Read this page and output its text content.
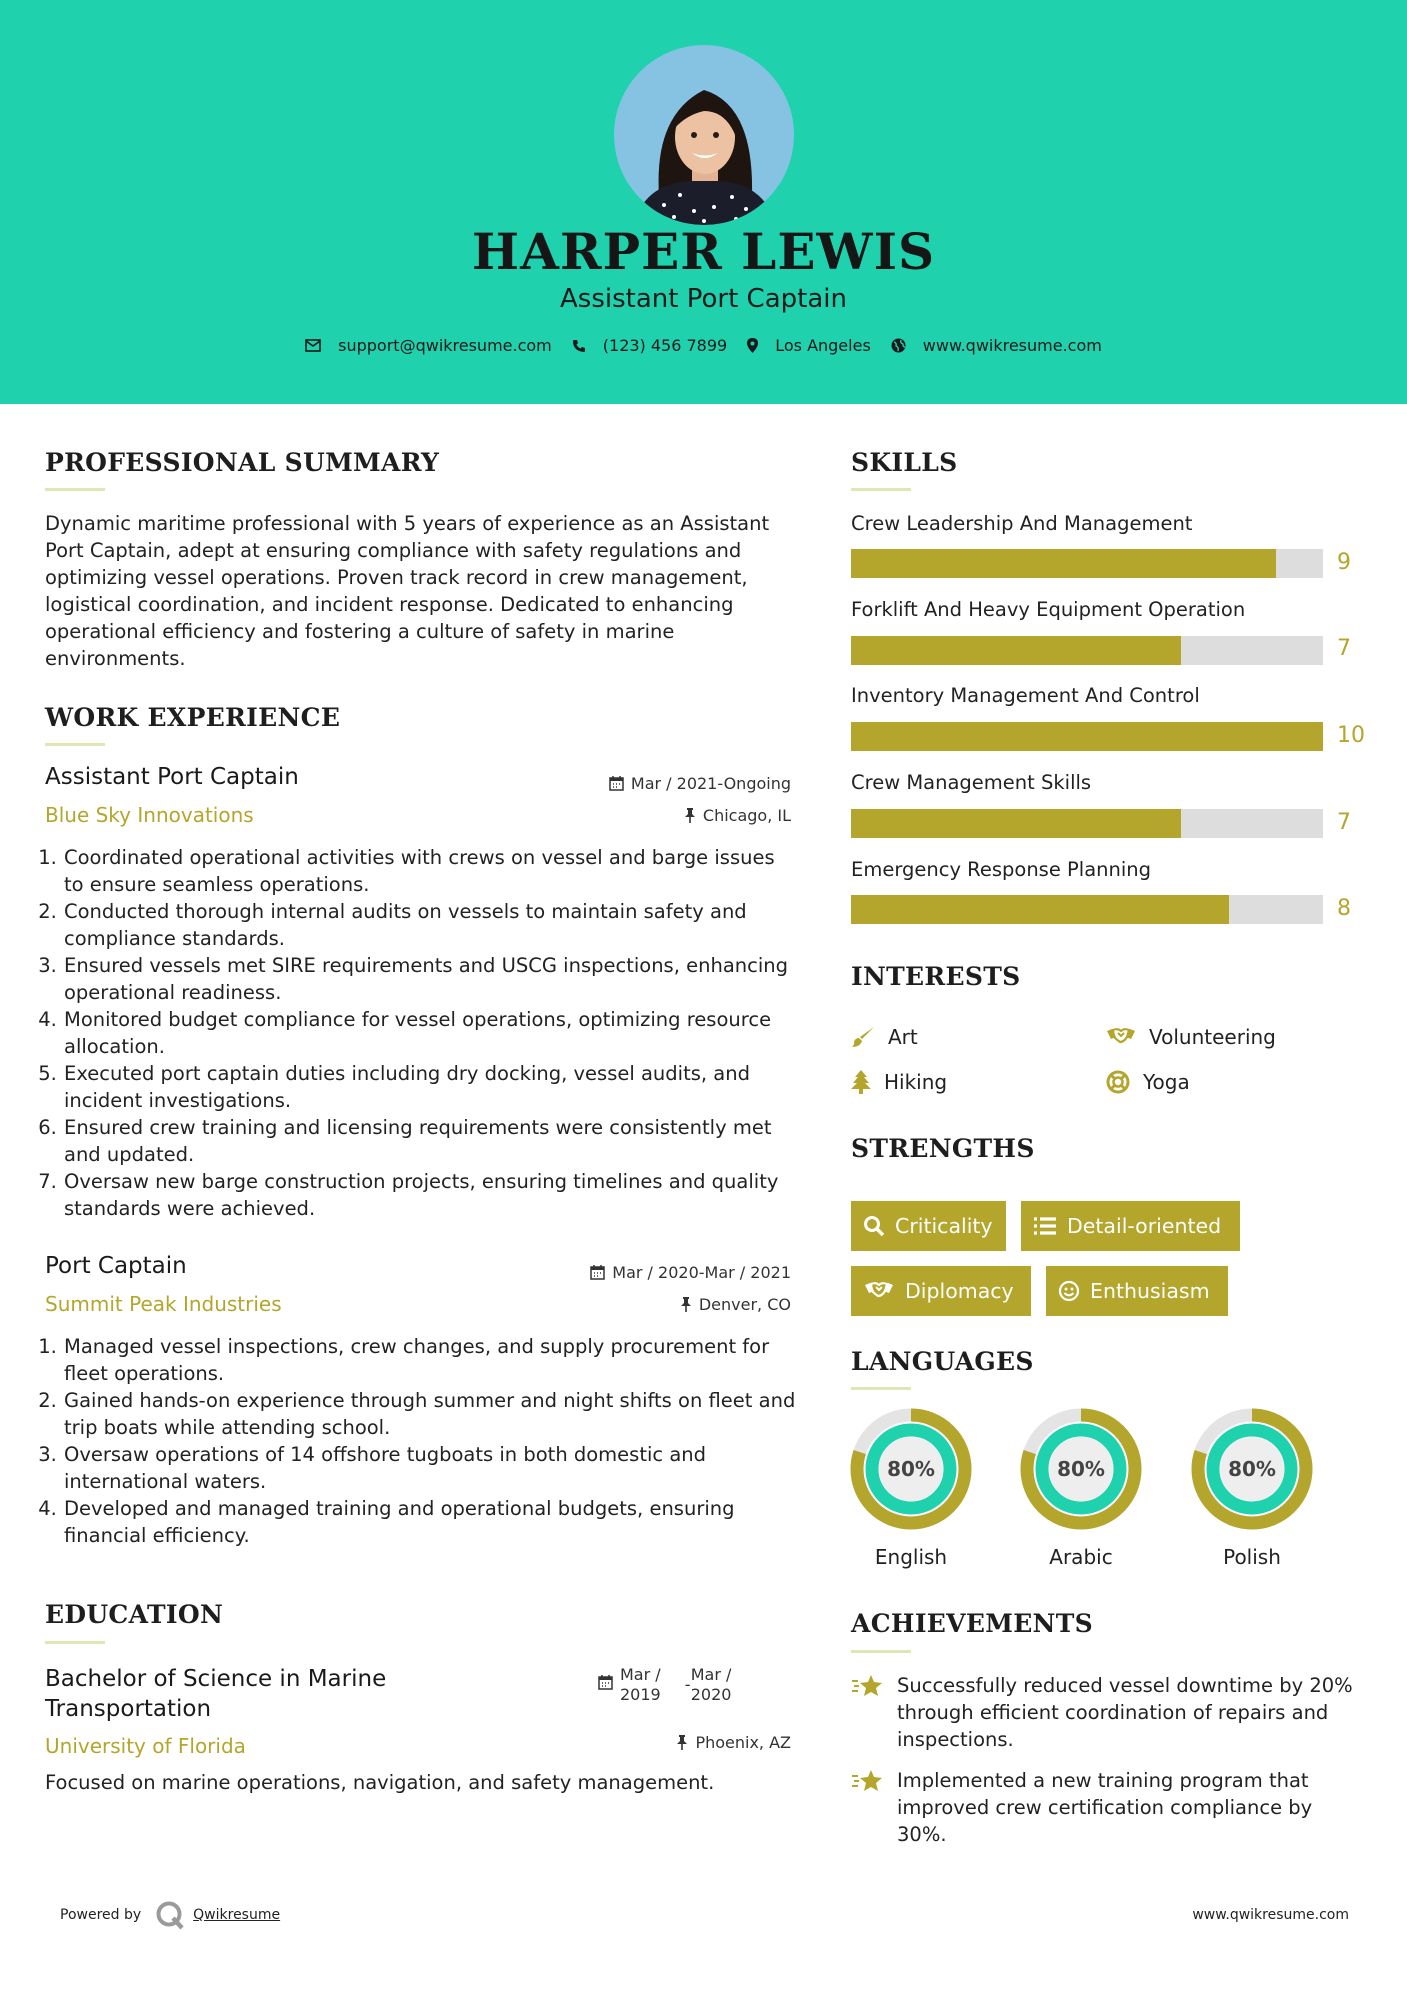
HARPER LEWIS
Assistant Port Captain
support@qwikresume.com	(123) 456 7899	Los Angeles	www.qwikresume.com
PROFESSIONAL SUMMARY
Dynamic maritime professional with 5 years of experience as an Assistant Port Captain, adept at ensuring compliance with safety regulations and optimizing vessel operations. Proven track record in crew management, logistical coordination, and incident response. Dedicated to enhancing operational efficiency and fostering a culture of safety in marine environments.
WORK EXPERIENCE
Assistant Port Captain	Mar / 2021-Ongoing
Blue Sky Innovations	Chicago, IL
1. Coordinated operational activities with crews on vessel and barge issues to ensure seamless operations.
2. Conducted thorough internal audits on vessels to maintain safety and compliance standards.
3. Ensured vessels met SIRE requirements and USCG inspections, enhancing operational readiness.
4. Monitored budget compliance for vessel operations, optimizing resource allocation.
5. Executed port captain duties including dry docking, vessel audits, and incident investigations.
6. Ensured crew training and licensing requirements were consistently met and updated.
7. Oversaw new barge construction projects, ensuring timelines and quality standards were achieved.
Port Captain	Mar / 2020-Mar / 2021
Summit Peak Industries	Denver, CO
1. Managed vessel inspections, crew changes, and supply procurement for fleet operations.
2. Gained hands-on experience through summer and night shifts on fleet and trip boats while attending school.
3. Oversaw operations of 14 offshore tugboats in both domestic and international waters.
4. Developed and managed training and operational budgets, ensuring financial efficiency.
EDUCATION
Bachelor of Science in Marine Transportation
Mar /
2019
-
Mar /
2020
University of Florida	Phoenix, AZ
Focused on marine operations, navigation, and safety management.
SKILLS
Crew Leadership And Management
9
Forklift And Heavy Equipment Operation
7
Inventory Management And Control
10
Crew Management Skills
7
Emergency Response Planning
8
INTERESTS
Art	Volunteering
Hiking	Yoga
STRENGTHS
Criticality	Detail-oriented
Diplomacy	Enthusiasm
LANGUAGES
80%
English
80%
Arabic
80%
Polish
ACHIEVEMENTS
Successfully reduced vessel downtime by 20% through efficient coordination of repairs and inspections.
Implemented a new training program that improved crew certification compliance by 30%.
Powered by	Qwikresume	www.qwikresume.com
